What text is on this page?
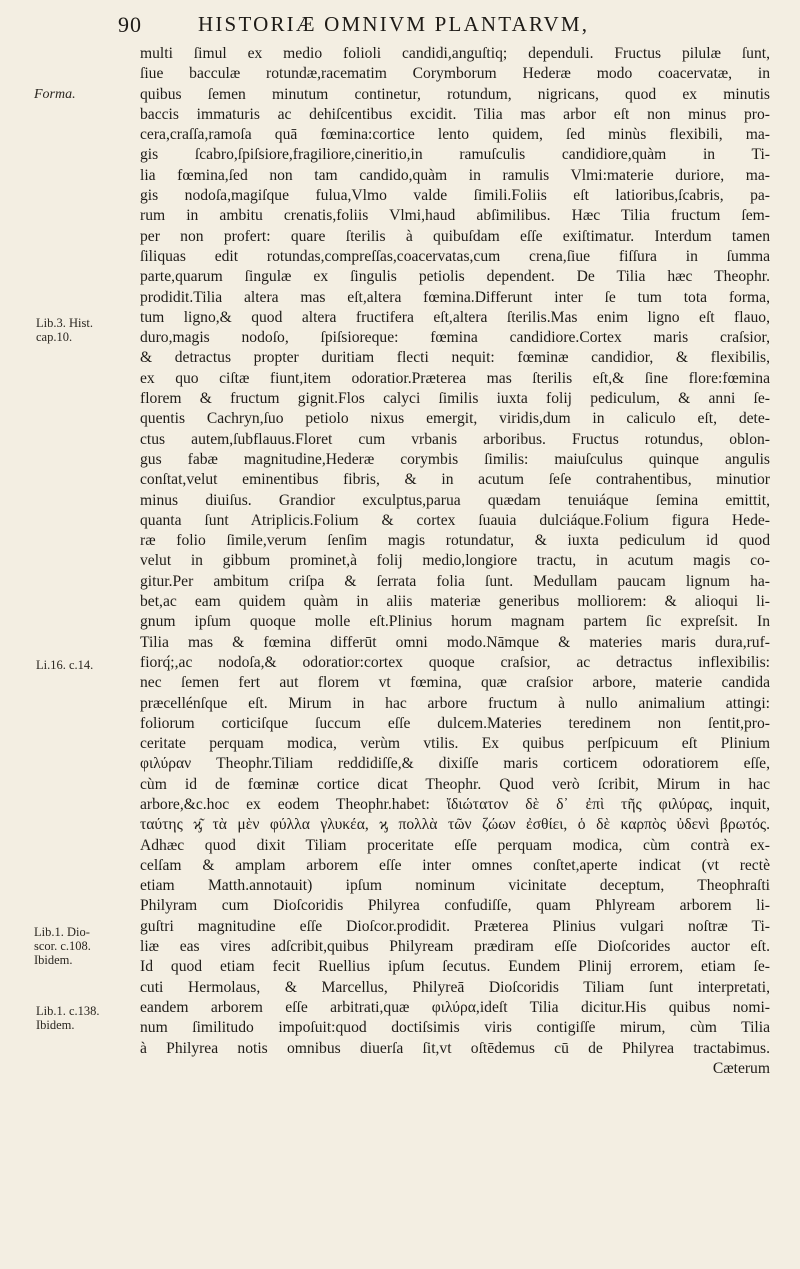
90	HISTORIÆ OMNIVM PLANTARVM,
Forma.
Lib.3. Hist.
cap.10.
Li.16. c.14.
Lib.1. Dio-
scor. c.108.
Ibidem.
Lib.1. c.138.
Ibidem.
multi ſimul ex medio folioli candidi,anguſtiq; dependuli. Fructus pilulæ ſunt,
ſiue bacculæ rotundæ,racematim Corymborum Hederæ modo coacervatæ, in
quibus ſemen minutum continetur, rotundum, nigricans, quod ex minutis
baccis immaturis ac dehiſcentibus excidit. Tilia mas arbor eſt non minus pro-
cera,craſſa,ramoſa quā fœmina:cortice lento quidem, ſed minùs flexibili, ma-
gis ſcabro,ſpiſsiore,fragiliore,cineritio,in ramuſculis candidiore,quàm in Ti-
lia fœmina,ſed non tam candido,quàm in ramulis Vlmi:materie duriore, ma-
gis nodoſa,magiſque fulua,Vlmo valde ſimili.Foliis eſt latioribus,ſcabris, pa-
rum in ambitu crenatis,foliis Vlmi,haud abſimilibus. Hæc Tilia fructum ſem-
per non profert: quare ſterilis à quibuſdam eſſe exiſtimatur. Interdum tamen
ſiliquas edit rotundas,compreſſas,coacervatas,cum crena,ſiue fiſſura in ſumma
parte,quarum ſingulæ ex ſingulis petiolis dependent. De Tilia hæc Theophr.
prodidit.Tilia altera mas eſt,altera fœmina.Differunt inter ſe tum tota forma,
tum ligno,& quod altera fructifera eſt,altera ſterilis.Mas enim ligno eſt flauo,
duro,magis nodoſo, ſpiſsioreque: fœmina candidiore.Cortex maris craſsior,
& detractus propter duritiam flecti nequit: fœminæ candidior, & flexibilis,
ex quo ciſtæ fiunt,item odoratior.Præterea mas ſterilis eſt,& ſine flore:fœmina
florem & fructum gignit.Flos calyci ſimilis iuxta folij pediculum, & anni ſe-
quentis Cachryn,ſuo petiolo nixus emergit, viridis,dum in caliculo eſt, dete-
ctus autem,ſubflauus.Floret cum vrbanis arboribus. Fructus rotundus, oblon-
gus fabæ magnitudine,Hederæ corymbis ſimilis: maiuſculus quinque angulis
conſtat,velut eminentibus fibris, & in acutum ſeſe contrahentibus, minutior
minus diuiſus. Grandior exculptus,parua quædam tenuiáque ſemina emittit,
quanta ſunt Atriplicis.Folium & cortex ſuauia dulciáque.Folium figura Hede-
ræ folio ſimile,verum ſenſim magis rotundatur, & iuxta pediculum id quod
velut in gibbum prominet,à folij medio,longiore tractu, in acutum magis co-
gitur.Per ambitum criſpa & ſerrata folia ſunt. Medullam paucam lignum ha-
bet,ac eam quidem quàm in aliis materiæ generibus molliorem: & alioqui li-
gnum ipſum quoque molle eſt.Plinius horum magnam partem ſic expreſsit. In
Tilia mas & fœmina differūt omni modo.Nāmque & materies maris dura,ruf-
fiorq́;,ac nodoſa,& odoratior:cortex quoque craſsior, ac detractus inflexibilis:
nec ſemen fert aut florem vt fœmina, quæ craſsior arbore, materie candida
præcellénſque eſt. Mirum in hac arbore fructum à nullo animalium attingi:
foliorum corticiſque ſuccum eſſe dulcem.Materies teredinem non ſentit,pro-
ceritate perquam modica, verùm vtilis. Ex quibus perſpicuum eſt Plinium
φιλύραν Theophr.Tiliam reddidiſſe,& dixiſſe maris corticem odoratiorem eſſe,
cùm id de fœminæ cortice dicat Theophr. Quod verò ſcribit, Mirum in hac
arbore,&c.hoc ex eodem Theophr.habet: ἴδιώτατον δὲ δ᾽ ἐπὶ τῆς φιλύρας, inquit,
ταύτης ϗ͂ τὰ μὲν φύλλα γλυκέα, ϗ πολλὰ τῶν ζώων ἐσθίει, ὁ δὲ καρπὸς ὐδενὶ βρωτός.
Adhæc quod dixit Tiliam proceritate eſſe perquam modica, cùm contrà ex-
celſam & amplam arborem eſſe inter omnes conſtet,aperte indicat (vt rectè
etiam Matth.annotauit) ipſum nominum vicinitate deceptum, Theophraſti
Philyram cum Dioſcoridis Philyrea confudiſſe, quam Phlyream arborem li-
guſtri magnitudine eſſe Dioſcor.prodidit. Præterea Plinius vulgari noſtræ Ti-
liæ eas vires adſcribit,quibus Philyream prædiram eſſe Dioſcorides auctor eſt.
Id quod etiam fecit Ruellius ipſum ſecutus. Eundem Plinij errorem, etiam ſe-
cuti Hermolaus, & Marcellus, Philyreā Dioſcoridis Tiliam ſunt interpretati,
eandem arborem eſſe arbitrati,quæ φιλύρα,ideſt Tilia dicitur.His quibus nomi-
num ſimilitudo impoſuit:quod doctiſsimis viris contigiſſe mirum, cùm Tilia
à Philyrea notis omnibus diuerſa ſit,vt oſtēdemus cū de Philyrea tractabimus.
Cæterum
